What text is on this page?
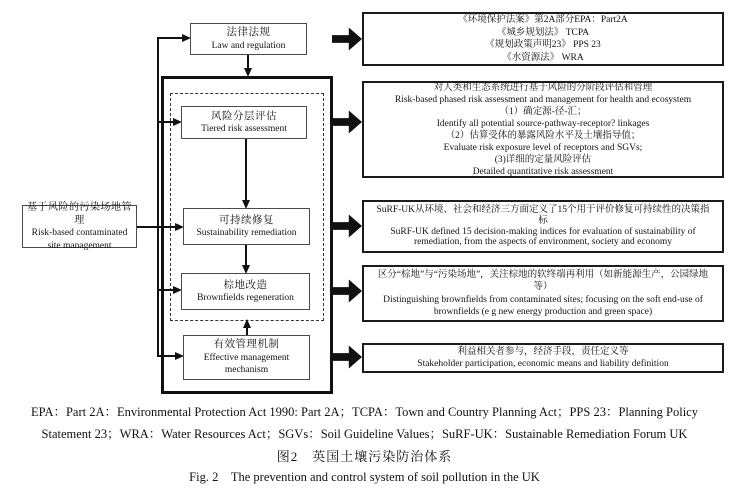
基于风险的污染场地管理
Risk-based contaminated site management
法律法规
Law and regulation
风险分层评估
Tiered risk assessment
可持续修复
Sustainability remediation
棕地改造
Brownfields regeneration
有效管理机制
Effective management mechanism
《环境保护法案》第2A部分EPA：Part2A
《城乡规划法》 TCPA
《规划政策声明23》 PPS 23
《水资源法》 WRA
对人类和生态系统进行基于风险的分阶段评估和管理
Risk-based phased risk assessment and management for health and ecosystem
（1）确定源-径-汇；
Identify all potential source-pathway-receptor? linkages
（2）估算受体的暴露风险水平及土壤指导值；
Evaluate risk exposure level of receptors and SGVs;
(3)详细的定量风险评估
Detailed quantitative risk assessment
SuRF-UK从环境、社会和经济三方面定义了15个用于评价修复可持续性的决策指标
SuRF-UK defined 15 decision-making indices for evaluation of sustainability of remediation, from the aspects of environment, society and economy
区分“棕地”与“污染场地”，关注棕地的软终端再利用（如新能源生产，公园绿地等）
Distinguishing brownfields from contaminated sites; focusing on the soft end-use of brownfields (e g new energy production and green space)
利益相关者参与，经济手段，责任定义等
Stakeholder participation, economic means and liability definition
EPA：Part 2A：Environmental Protection Act 1990: Part 2A；TCPA：Town and Country Planning Act；PPS 23：Planning Policy
Statement 23；WRA：Water Resources Act；SGVs：Soil Guideline Values；SuRF-UK：Sustainable Remediation Forum UK
图2　英国土壤污染防治体系
Fig. 2　The prevention and control system of soil pollution in the UK
